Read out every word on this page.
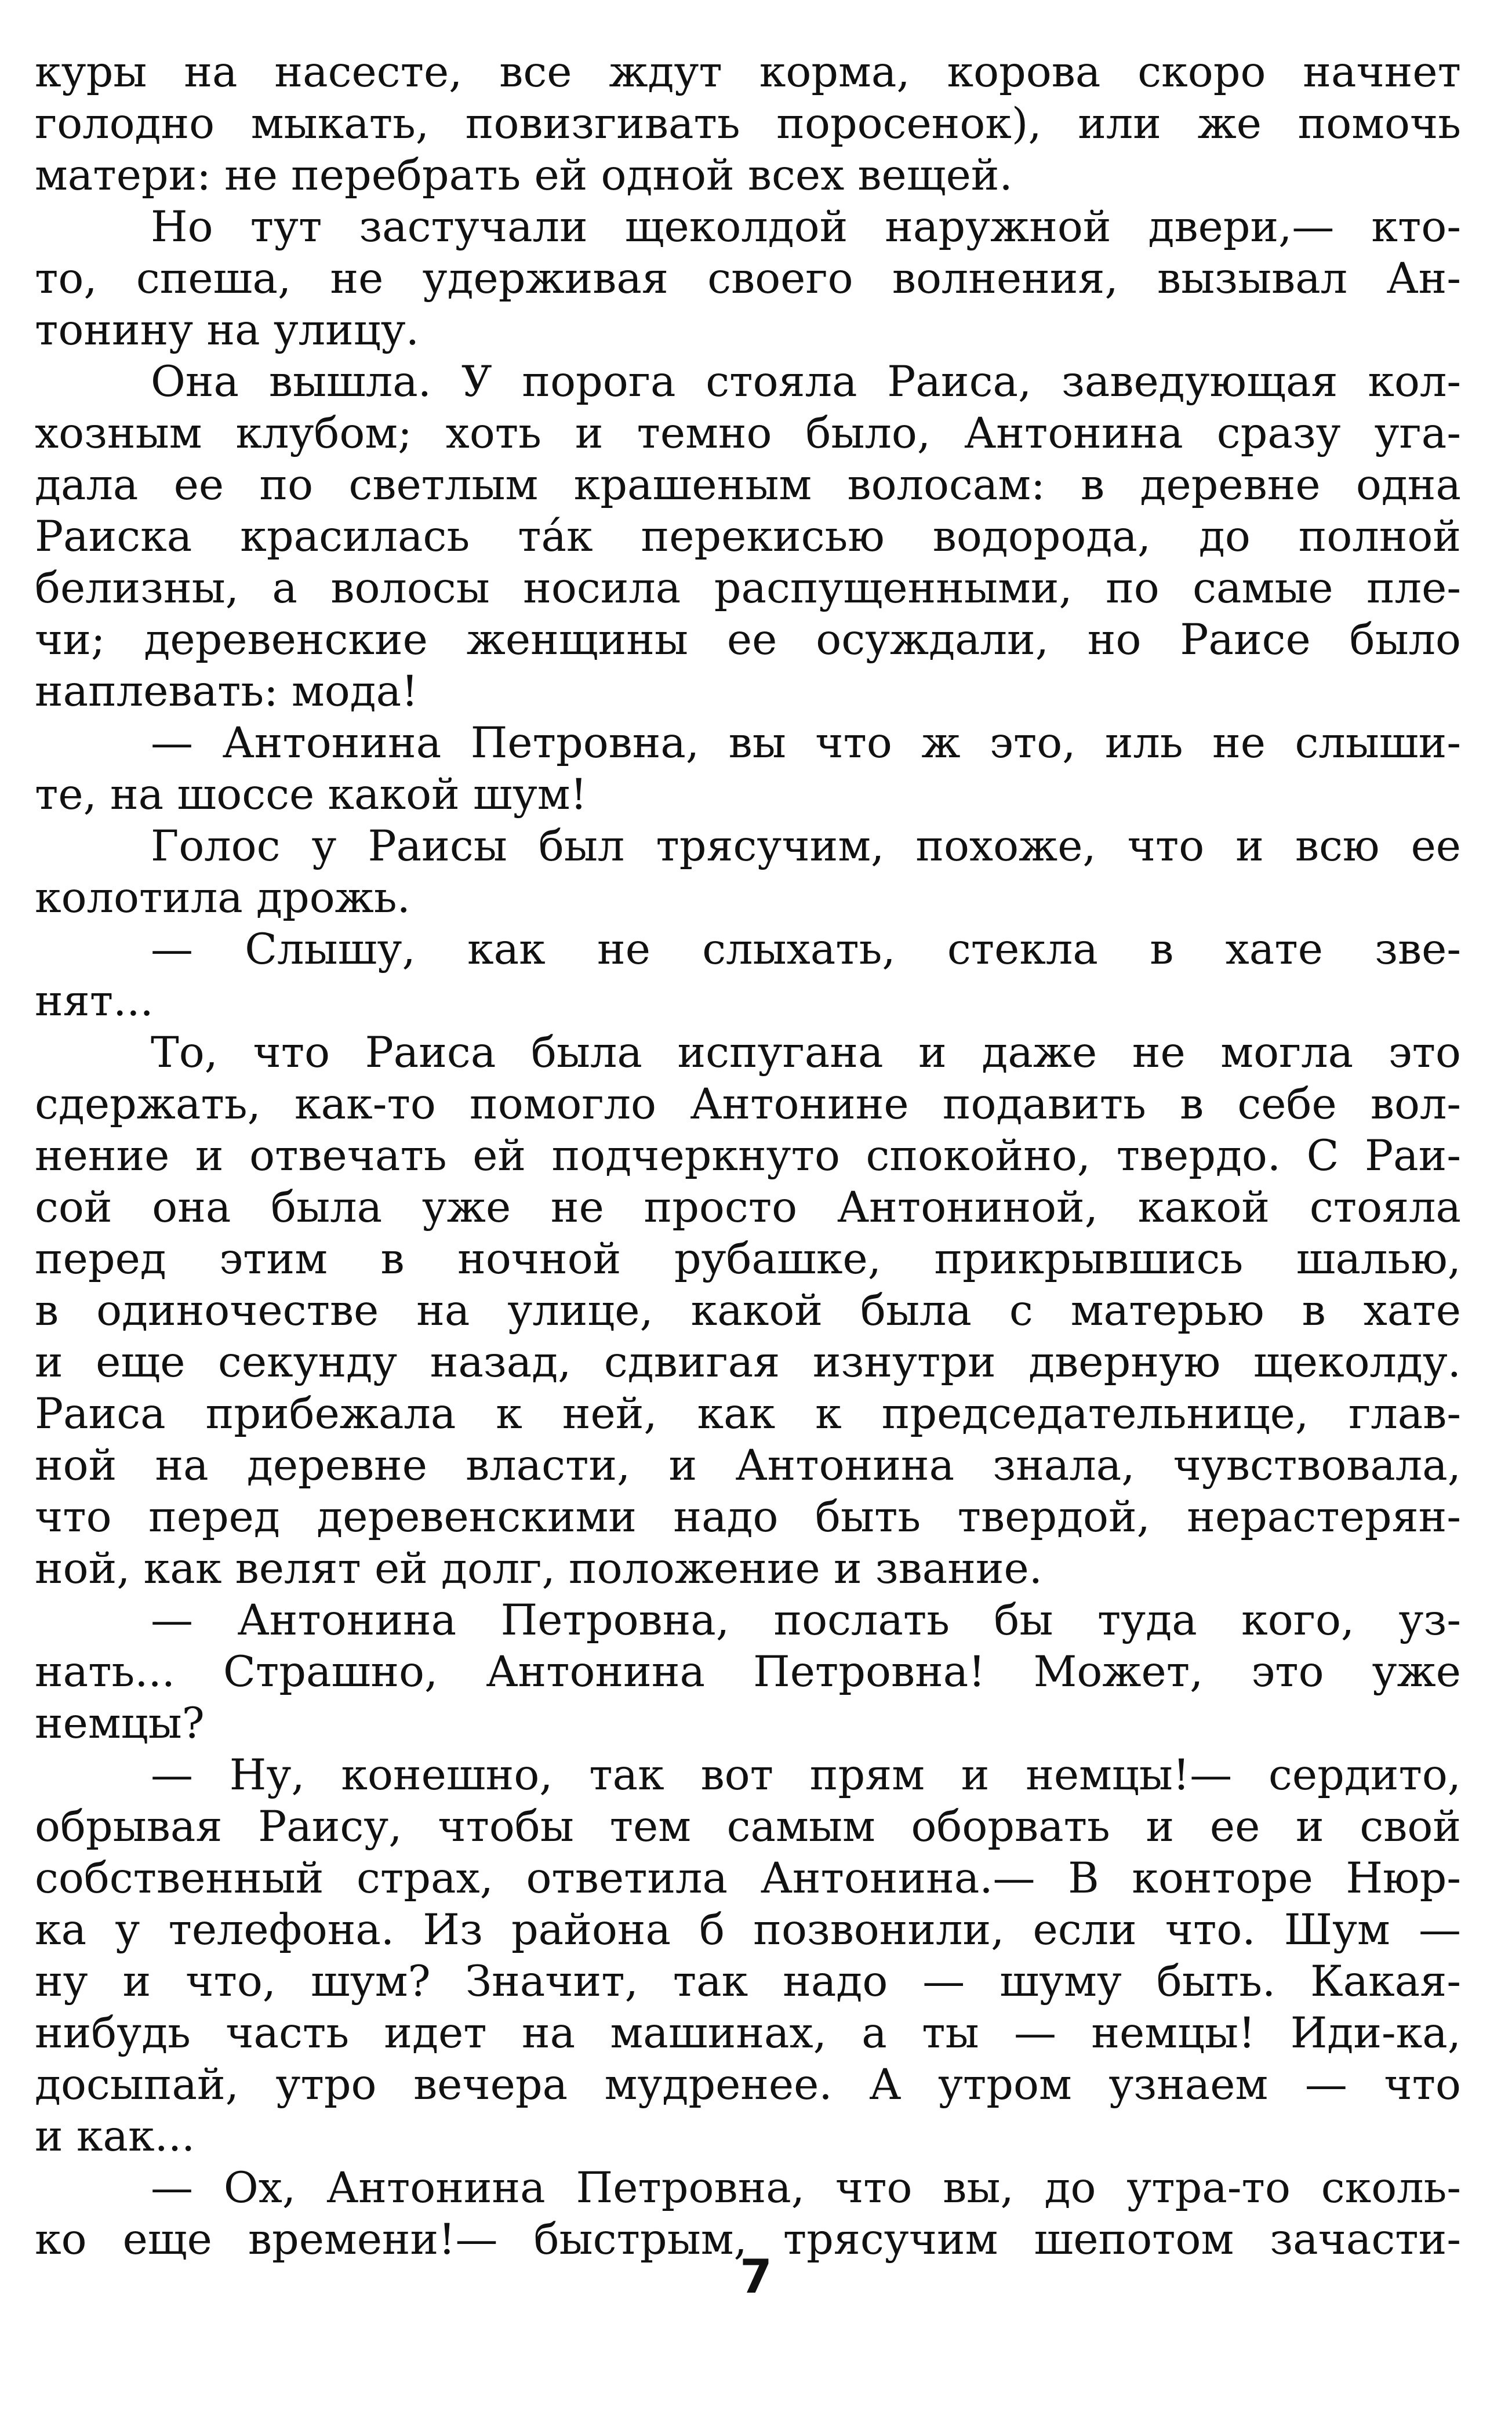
куры на насесте, все ждут корма, корова скоро начнет
голодно мыкать, повизгивать поросенок), или же помочь
матери: не перебрать ей одной всех вещей.
Но тут застучали щеколдой наружной двери,— кто-
то, спеша, не удерживая своего волнения, вызывал Ан-
тонину на улицу.
Она вышла. У порога стояла Раиса, заведующая кол-
хозным клубом; хоть и темно было, Антонина сразу уга-
дала ее по светлым крашеным волосам: в деревне одна
Раиска красилась та́к перекисью водорода, до полной
белизны, а волосы носила распущенными, по самые пле-
чи; деревенские женщины ее осуждали, но Раисе было
наплевать: мода!
— Антонина Петровна, вы что ж это, иль не слыши-
те, на шоссе какой шум!
Голос у Раисы был трясучим, похоже, что и всю ее
колотила дрожь.
— Слышу, как не слыхать, стекла в хате зве-
нят...
То, что Раиса была испугана и даже не могла это
сдержать, как-то помогло Антонине подавить в себе вол-
нение и отвечать ей подчеркнуто спокойно, твердо. С Раи-
сой она была уже не просто Антониной, какой стояла
перед этим в ночной рубашке, прикрывшись шалью,
в одиночестве на улице, какой была с матерью в хате
и еще секунду назад, сдвигая изнутри дверную щеколду.
Раиса прибежала к ней, как к председательнице, глав-
ной на деревне власти, и Антонина знала, чувствовала,
что перед деревенскими надо быть твердой, нерастерян-
ной, как велят ей долг, положение и звание.
— Антонина Петровна, послать бы туда кого, уз-
нать... Страшно, Антонина Петровна! Может, это уже
немцы?
— Ну, конешно, так вот прям и немцы!— сердито,
обрывая Раису, чтобы тем самым оборвать и ее и свой
собственный страх, ответила Антонина.— В конторе Нюр-
ка у телефона. Из района б позвонили, если что. Шум —
ну и что, шум? Значит, так надо — шуму быть. Какая-
нибудь часть идет на машинах, а ты — немцы! Иди-ка,
досыпай, утро вечера мудренее. А утром узнаем — что
и как...
— Ох, Антонина Петровна, что вы, до утра-то сколь-
ко еще времени!— быстрым, трясучим шепотом зачасти-
7
